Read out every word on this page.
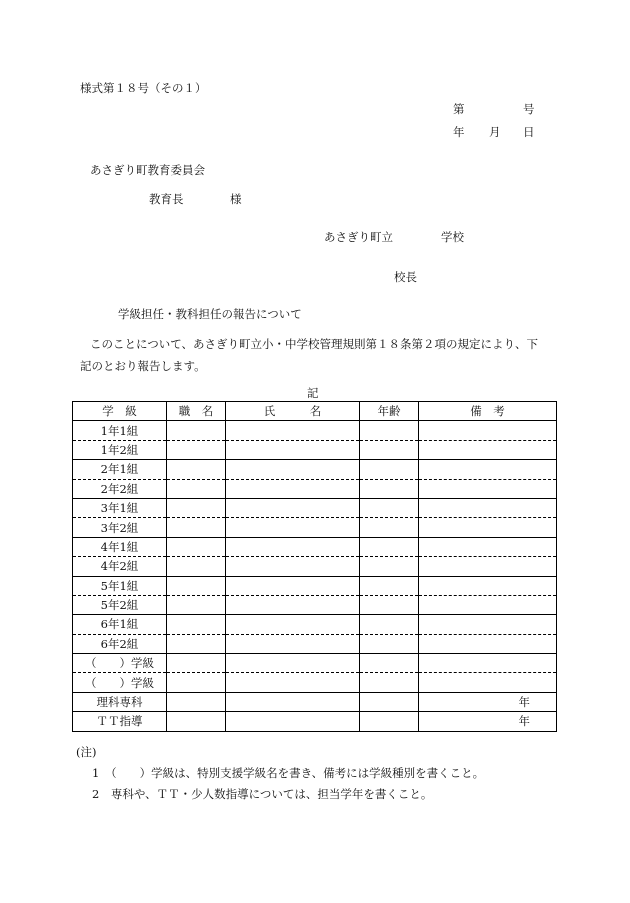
様式第１８号（その１）
第	号
年 月 日
あさぎり町教育委員会
教育長	様
あさぎり町立	学校
校長
学級担任・教科担任の報告について
このことについて、あさぎり町立小・中学校管理規則第１８条第２項の規定により、下
記のとおり報告します。
記
学　級	職　名	氏　　　名	年齢	備　考
1年1組				
1年2組				
2年1組				
2年2組				
3年1組				
3年2組				
4年1組				
4年2組				
5年1組				
5年2組				
6年1組				
6年2組				
（　　）学級				
（　　）学級				
理科専科				年
ＴＴ指導				年
(注)
1　（　　）学級は、特別支援学級名を書き、備考には学級種別を書くこと。
2　専科や、ＴＴ・少人数指導については、担当学年を書くこと。
